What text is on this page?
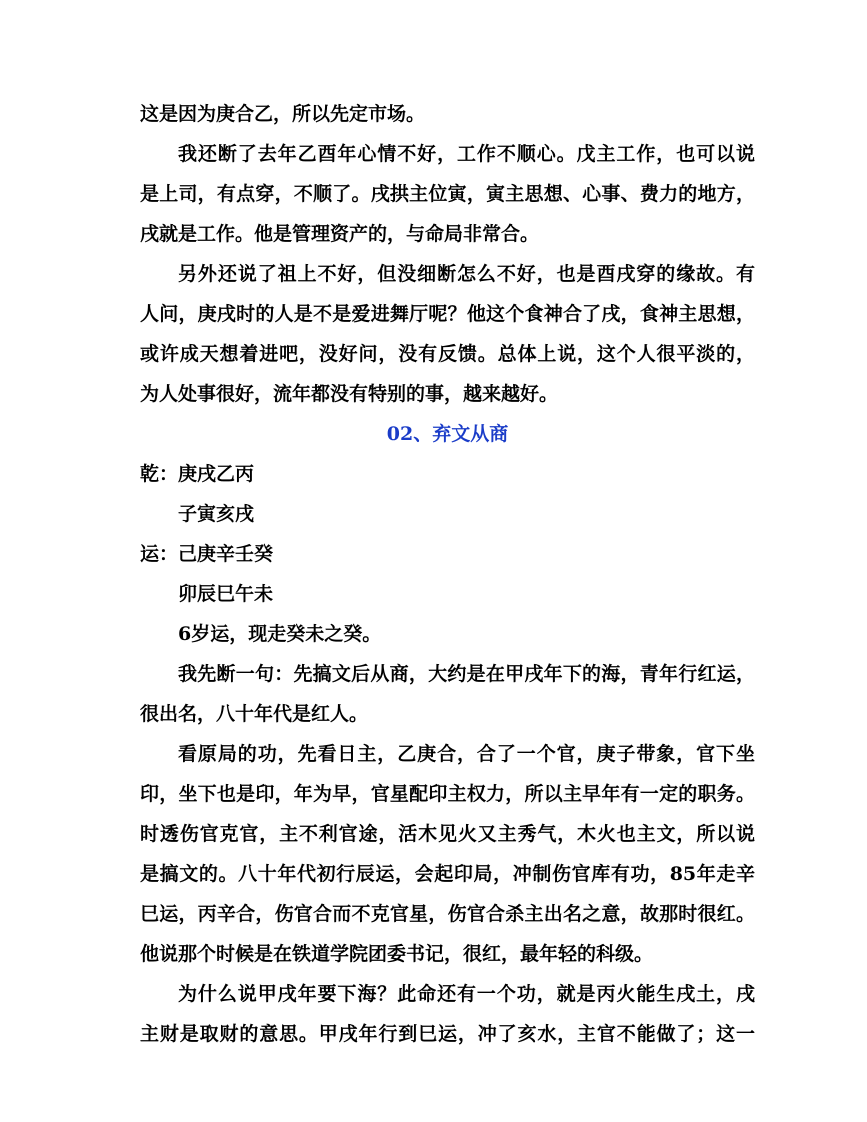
这是因为庚合乙，所以先定市场。
我还断了去年乙酉年心情不好，工作不顺心。戊主工作，也可以说
是上司，有点穿，不顺了。戌拱主位寅，寅主思想、心事、费力的地方，
戌就是工作。他是管理资产的，与命局非常合。
另外还说了祖上不好，但没细断怎么不好，也是酉戌穿的缘故。有
人问，庚戌时的人是不是爱进舞厅呢？他这个食神合了戌，食神主思想，
或许成天想着进吧，没好问，没有反馈。总体上说，这个人很平淡的，
为人处事很好，流年都没有特别的事，越来越好。
02、弃文从商
乾：庚戌乙丙
子寅亥戌
运：己庚辛壬癸
卯辰巳午未
6岁运，现走癸未之癸。
我先断一句：先搞文后从商，大约是在甲戌年下的海，青年行红运，
很出名，八十年代是红人。
看原局的功，先看日主，乙庚合，合了一个官，庚子带象，官下坐
印，坐下也是印，年为早，官星配印主权力，所以主早年有一定的职务。
时透伤官克官，主不利官途，活木见火又主秀气，木火也主文，所以说
是搞文的。八十年代初行辰运，会起印局，冲制伤官库有功，85年走辛
巳运，丙辛合，伤官合而不克官星，伤官合杀主出名之意，故那时很红。
他说那个时候是在铁道学院团委书记，很红，最年轻的科级。
为什么说甲戌年要下海？此命还有一个功，就是丙火能生戌土，戌
主财是取财的意思。甲戌年行到巳运，冲了亥水，主官不能做了；这一
